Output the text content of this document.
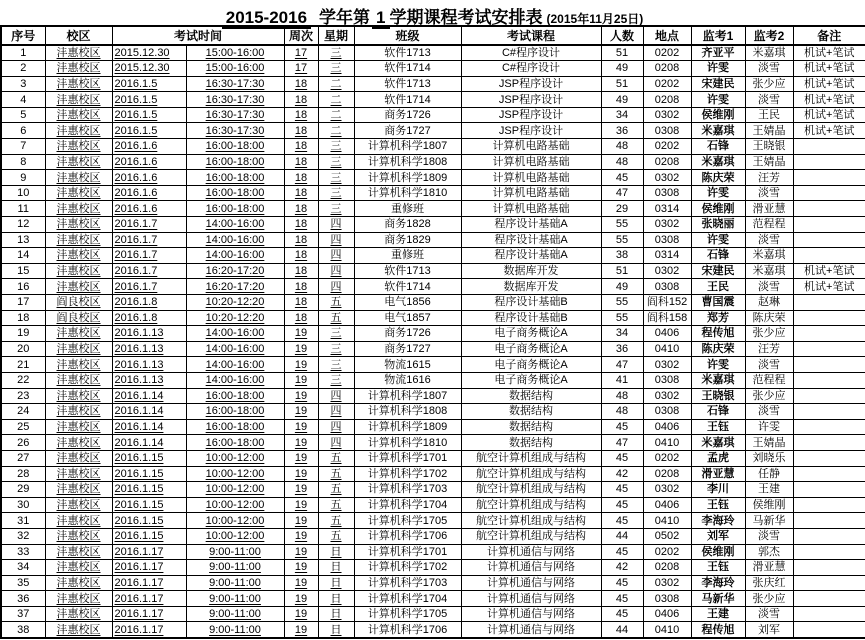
2015-2016 学年第 1 学期课程考试安排表 (2015年11月25日)
序号	校区	考试时间		周次	星期	班级	考试课程	人数	地点	监考1	监考2	备注
1	沣惠校区	2015.12.30	15:00-16:00	17	三	软件1713	C#程序设计	51	0202	齐亚平	米嘉琪	机试+笔试
2	沣惠校区	2015.12.30	15:00-16:00	17	三	软件1714	C#程序设计	49	0208	许雯	淡雪	机试+笔试
3	沣惠校区	2016.1.5	16:30-17:30	18	二	软件1713	JSP程序设计	51	0202	宋建民	张少应	机试+笔试
4	沣惠校区	2016.1.5	16:30-17:30	18	二	软件1714	JSP程序设计	49	0208	许雯	淡雪	机试+笔试
5	沣惠校区	2016.1.5	16:30-17:30	18	二	商务1726	JSP程序设计	34	0302	侯维刚	王民	机试+笔试
6	沣惠校区	2016.1.5	16:30-17:30	18	二	商务1727	JSP程序设计	36	0308	米嘉琪	王婧晶	机试+笔试
7	沣惠校区	2016.1.6	16:00-18:00	18	三	计算机科学1807	计算机电路基础	48	0202	石锋	王晓银	
8	沣惠校区	2016.1.6	16:00-18:00	18	三	计算机科学1808	计算机电路基础	48	0208	米嘉琪	王婧晶	
9	沣惠校区	2016.1.6	16:00-18:00	18	三	计算机科学1809	计算机电路基础	45	0302	陈庆荣	汪芳	
10	沣惠校区	2016.1.6	16:00-18:00	18	三	计算机科学1810	计算机电路基础	47	0308	许雯	淡雪	
11	沣惠校区	2016.1.6	16:00-18:00	18	三	重修班	计算机电路基础	29	0314	侯维刚	滑亚慧	
12	沣惠校区	2016.1.7	14:00-16:00	18	四	商务1828	程序设计基础A	55	0302	张晓丽	范程程	
13	沣惠校区	2016.1.7	14:00-16:00	18	四	商务1829	程序设计基础A	55	0308	许雯	淡雪	
14	沣惠校区	2016.1.7	14:00-16:00	18	四	重修班	程序设计基础A	38	0314	石锋	米嘉琪	
15	沣惠校区	2016.1.7	16:20-17:20	18	四	软件1713	数据库开发	51	0302	宋建民	米嘉琪	机试+笔试
16	沣惠校区	2016.1.7	16:20-17:20	18	四	软件1714	数据库开发	49	0308	王民	淡雪	机试+笔试
17	阎良校区	2016.1.8	10:20-12:20	18	五	电气1856	程序设计基础B	55	阎科152	曹国震	赵琳	
18	阎良校区	2016.1.8	10:20-12:20	18	五	电气1857	程序设计基础B	55	阎科158	郑芳	陈庆荣	
19	沣惠校区	2016.1.13	14:00-16:00	19	三	商务1726	电子商务概论A	34	0406	程传旭	张少应	
20	沣惠校区	2016.1.13	14:00-16:00	19	三	商务1727	电子商务概论A	36	0410	陈庆荣	汪芳	
21	沣惠校区	2016.1.13	14:00-16:00	19	三	物流1615	电子商务概论A	47	0302	许雯	淡雪	
22	沣惠校区	2016.1.13	14:00-16:00	19	三	物流1616	电子商务概论A	41	0308	米嘉琪	范程程	
23	沣惠校区	2016.1.14	16:00-18:00	19	四	计算机科学1807	数据结构	48	0302	王晓银	张少应	
24	沣惠校区	2016.1.14	16:00-18:00	19	四	计算机科学1808	数据结构	48	0308	石锋	淡雪	
25	沣惠校区	2016.1.14	16:00-18:00	19	四	计算机科学1809	数据结构	45	0406	王钰	许雯	
26	沣惠校区	2016.1.14	16:00-18:00	19	四	计算机科学1810	数据结构	47	0410	米嘉琪	王婧晶	
27	沣惠校区	2016.1.15	10:00-12:00	19	五	计算机科学1701	航空计算机组成与结构	45	0202	孟虎	刘晓乐	
28	沣惠校区	2016.1.15	10:00-12:00	19	五	计算机科学1702	航空计算机组成与结构	42	0208	滑亚慧	任静	
29	沣惠校区	2016.1.15	10:00-12:00	19	五	计算机科学1703	航空计算机组成与结构	45	0302	李川	王建	
30	沣惠校区	2016.1.15	10:00-12:00	19	五	计算机科学1704	航空计算机组成与结构	45	0406	王钰	侯维刚	
31	沣惠校区	2016.1.15	10:00-12:00	19	五	计算机科学1705	航空计算机组成与结构	45	0410	李海玲	马新华	
32	沣惠校区	2016.1.15	10:00-12:00	19	五	计算机科学1706	航空计算机组成与结构	44	0502	刘军	淡雪	
33	沣惠校区	2016.1.17	9:00-11:00	19	日	计算机科学1701	计算机通信与网络	45	0202	侯维刚	郭杰	
34	沣惠校区	2016.1.17	9:00-11:00	19	日	计算机科学1702	计算机通信与网络	42	0208	王钰	滑亚慧	
35	沣惠校区	2016.1.17	9:00-11:00	19	日	计算机科学1703	计算机通信与网络	45	0302	李海玲	张庆红	
36	沣惠校区	2016.1.17	9:00-11:00	19	日	计算机科学1704	计算机通信与网络	45	0308	马新华	张少应	
37	沣惠校区	2016.1.17	9:00-11:00	19	日	计算机科学1705	计算机通信与网络	45	0406	王建	淡雪	
38	沣惠校区	2016.1.17	9:00-11:00	19	日	计算机科学1706	计算机通信与网络	44	0410	程传旭	刘军	
